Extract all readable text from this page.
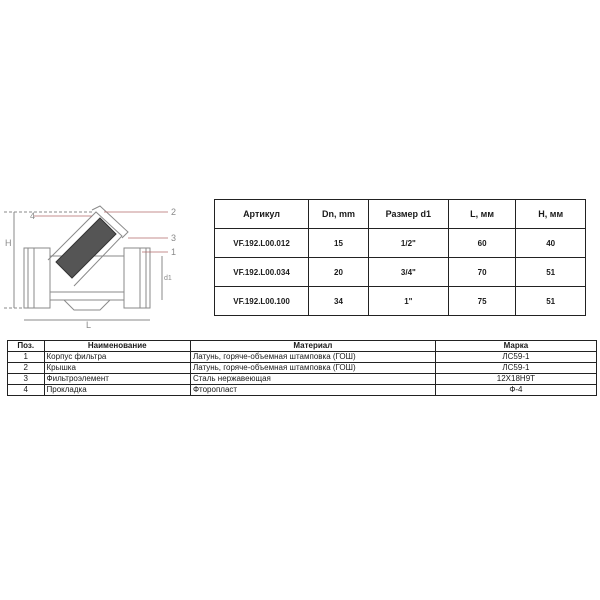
4	2
3
1
H
d1
L
Артикул	Dn, mm	Размер d1	L, мм	H, мм
VF.192.L00.012	15	1/2"	60	40
VF.192.L00.034	20	3/4"	70	51
VF.192.L00.100	34	1"	75	51
Поз.	Наименование	Материал	Марка
1	Корпус фильтра	Латунь, горяче-объемная штамповка (ГОШ)	ЛС59-1
2	Крышка	Латунь, горяче-объемная штамповка (ГОШ)	ЛС59-1
3	Фильтроэлемент	Сталь нержавеющая	12Х18Н9Т
4	Прокладка	Фторопласт	Ф-4
